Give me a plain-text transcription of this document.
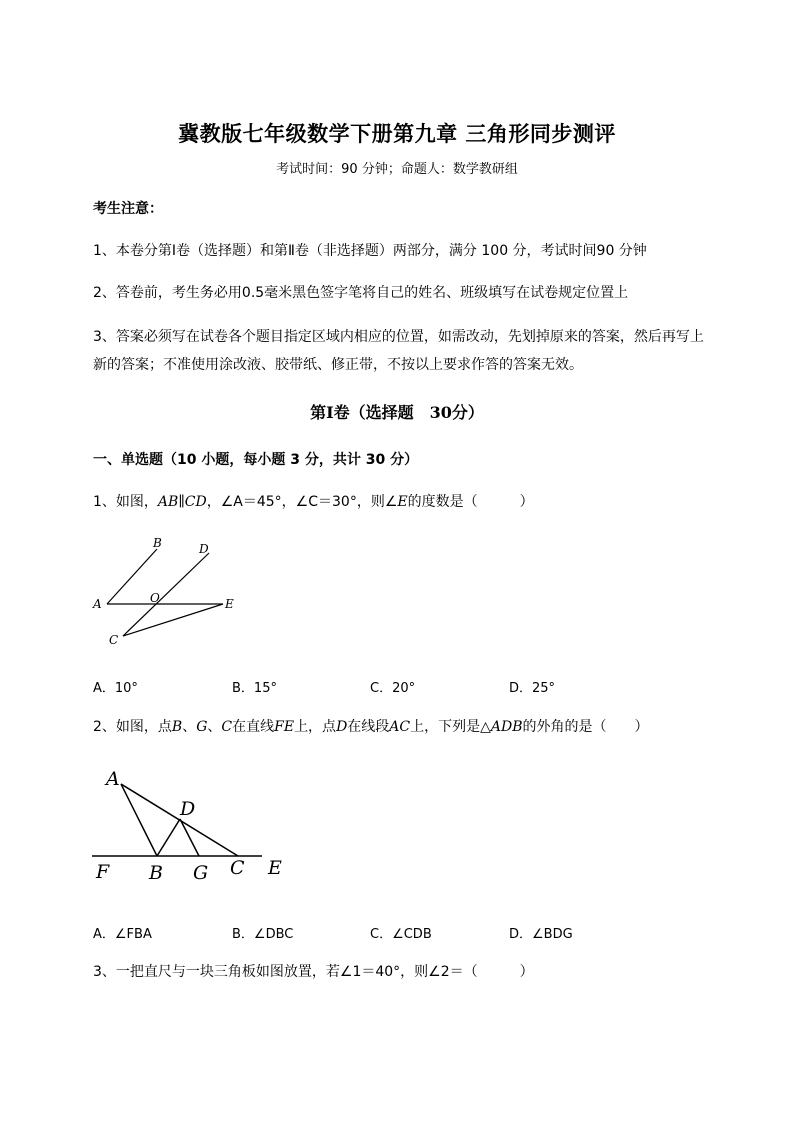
冀教版七年级数学下册第九章 三角形同步测评
考试时间：90 分钟；命题人：数学教研组
考生注意：
1、本卷分第Ⅰ卷（选择题）和第Ⅱ卷（非选择题）两部分，满分 100 分，考试时间90 分钟
2、答卷前，考生务必用0.5毫米黑色签字笔将自己的姓名、班级填写在试卷规定位置上
3、答案必须写在试卷各个题目指定区域内相应的位置，如需改动，先划掉原来的答案，然后再写上新的答案；不准使用涂改液、胶带纸、修正带，不按以上要求作答的答案无效。
第Ⅰ卷（选择题　30分）
一、单选题（10 小题，每小题 3 分，共计 30 分）
1、如图，AB∥CD，∠A＝45°，∠C＝30°，则∠E的度数是（　　　）
B	D
A	O	E
C
A．10°	B．15°	C．20°	D．25°
2、如图，点B、G、C在直线FE上，点D在线段AC上，下列是△ADB的外角的是（　　）
A
D
F B G C E
A．∠FBA	B．∠DBC	C．∠CDB	D．∠BDG
3、一把直尺与一块三角板如图放置，若∠1＝40°，则∠2＝（　　　）
